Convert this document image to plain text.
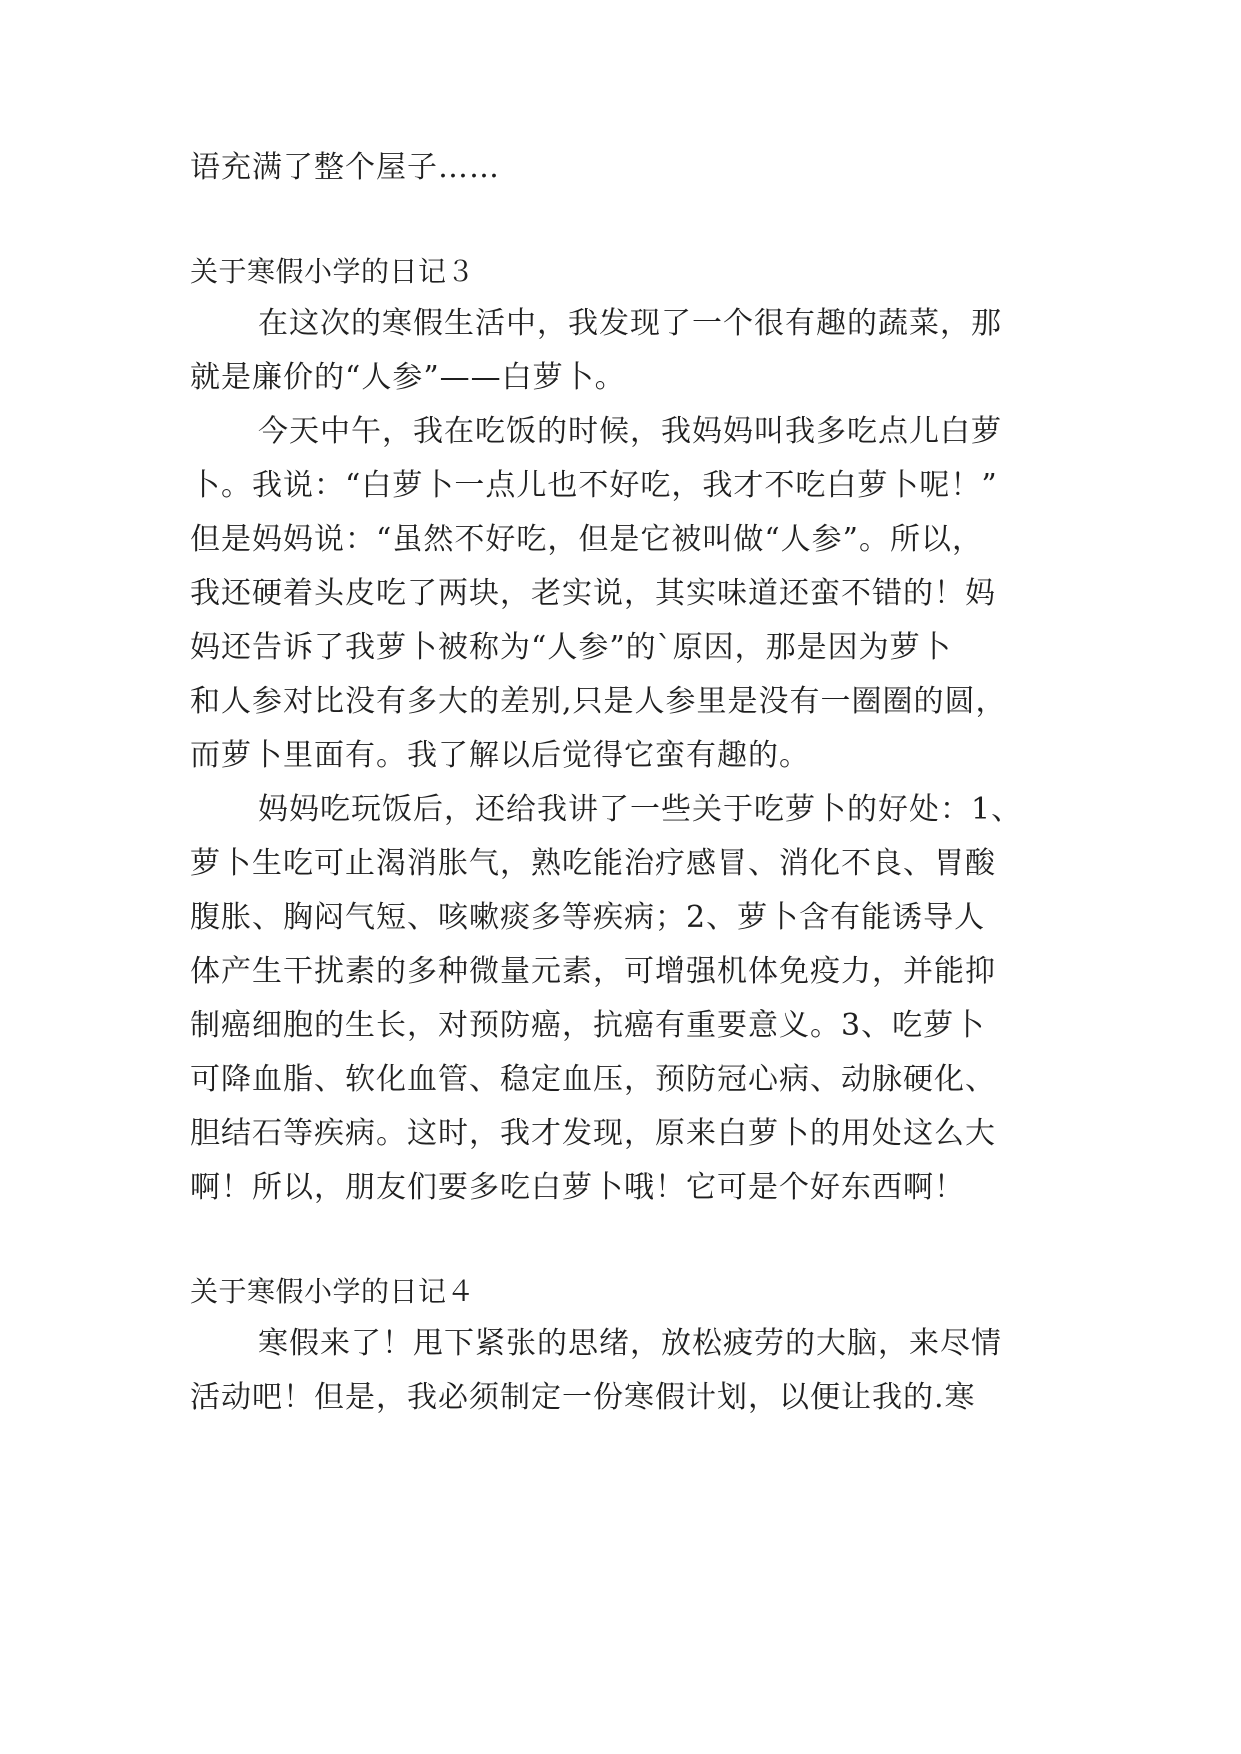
语充满了整个屋子……
关于寒假小学的日记３
在这次的寒假生活中，我发现了一个很有趣的蔬菜，那
就是廉价的“人参”——白萝卜。
今天中午，我在吃饭的时候，我妈妈叫我多吃点儿白萝
卜。我说：“白萝卜一点儿也不好吃，我才不吃白萝卜呢！”
但是妈妈说：“虽然不好吃，但是它被叫做“人参”。所以，
我还硬着头皮吃了两块，老实说，其实味道还蛮不错的！妈
妈还告诉了我萝卜被称为“人参”的`原因，那是因为萝卜
和人参对比没有多大的差别,只是人参里是没有一圈圈的圆，
而萝卜里面有。我了解以后觉得它蛮有趣的。
妈妈吃玩饭后，还给我讲了一些关于吃萝卜的好处：1、
萝卜生吃可止渴消胀气，熟吃能治疗感冒、消化不良、胃酸
腹胀、胸闷气短、咳嗽痰多等疾病；2、萝卜含有能诱导人
体产生干扰素的多种微量元素，可增强机体免疫力，并能抑
制癌细胞的生长，对预防癌，抗癌有重要意义。3、吃萝卜
可降血脂、软化血管、稳定血压，预防冠心病、动脉硬化、
胆结石等疾病。这时，我才发现，原来白萝卜的用处这么大
啊！所以，朋友们要多吃白萝卜哦！它可是个好东西啊！
关于寒假小学的日记４
寒假来了！甩下紧张的思绪，放松疲劳的大脑，来尽情
活动吧！但是，我必须制定一份寒假计划，以便让我的.寒
